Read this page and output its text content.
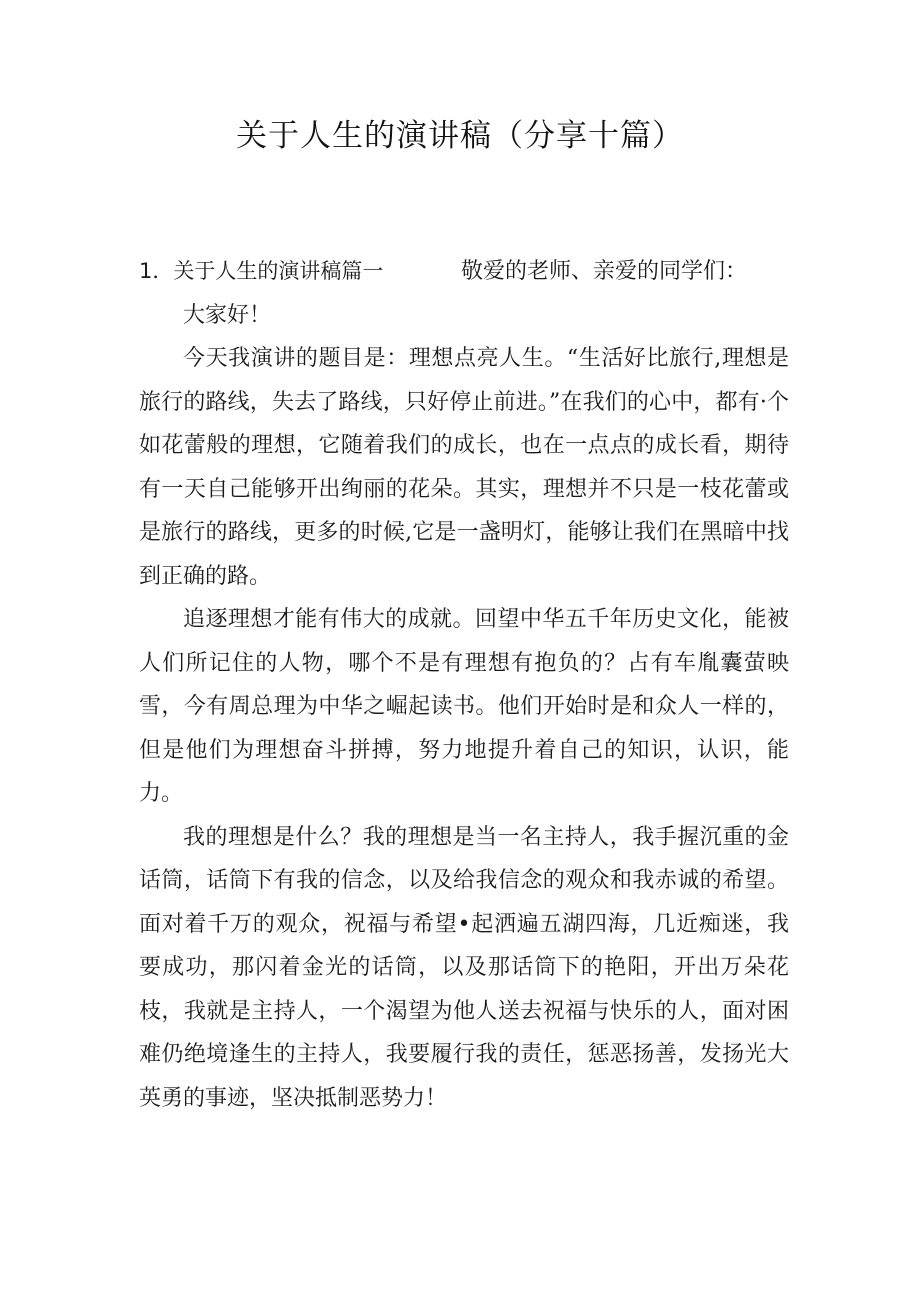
关于人生的演讲稿（分享十篇）
1．关于人生的演讲稿篇一	敬爱的老师、亲爱的同学们：

大家好！

今天我演讲的题目是：理想点亮人生。“生活好比旅行,理想是旅行的路线，失去了路线，只好停止前进。”在我们的心中，都有·个如花蕾般的理想，它随着我们的成长，也在一点点的成长看，期待有一天自己能够开出绚丽的花朵。其实，理想并不只是一枝花蕾或是旅行的路线，更多的时候,它是一盏明灯，能够让我们在黑暗中找到正确的路。

追逐理想才能有伟大的成就。回望中华五千年历史文化，能被人们所记住的人物，哪个不是有理想有抱负的？占有车胤囊萤映雪，今有周总理为中华之崛起读书。他们开始时是和众人一样的，但是他们为理想奋斗拼搏，努力地提升着自己的知识，认识，能力。

我的理想是什么？我的理想是当一名主持人，我手握沉重的金话筒，话筒下有我的信念，以及给我信念的观众和我赤诚的希望。面对着千万的观众，祝福与希望•起洒遍五湖四海，几近痴迷，我要成功，那闪着金光的话筒，以及那话筒下的艳阳，开出万朵花枝，我就是主持人，一个渴望为他人送去祝福与快乐的人，面对困难仍绝境逢生的主持人，我要履行我的责任，惩恶扬善，发扬光大英勇的事迹，坚决抵制恶势力！
